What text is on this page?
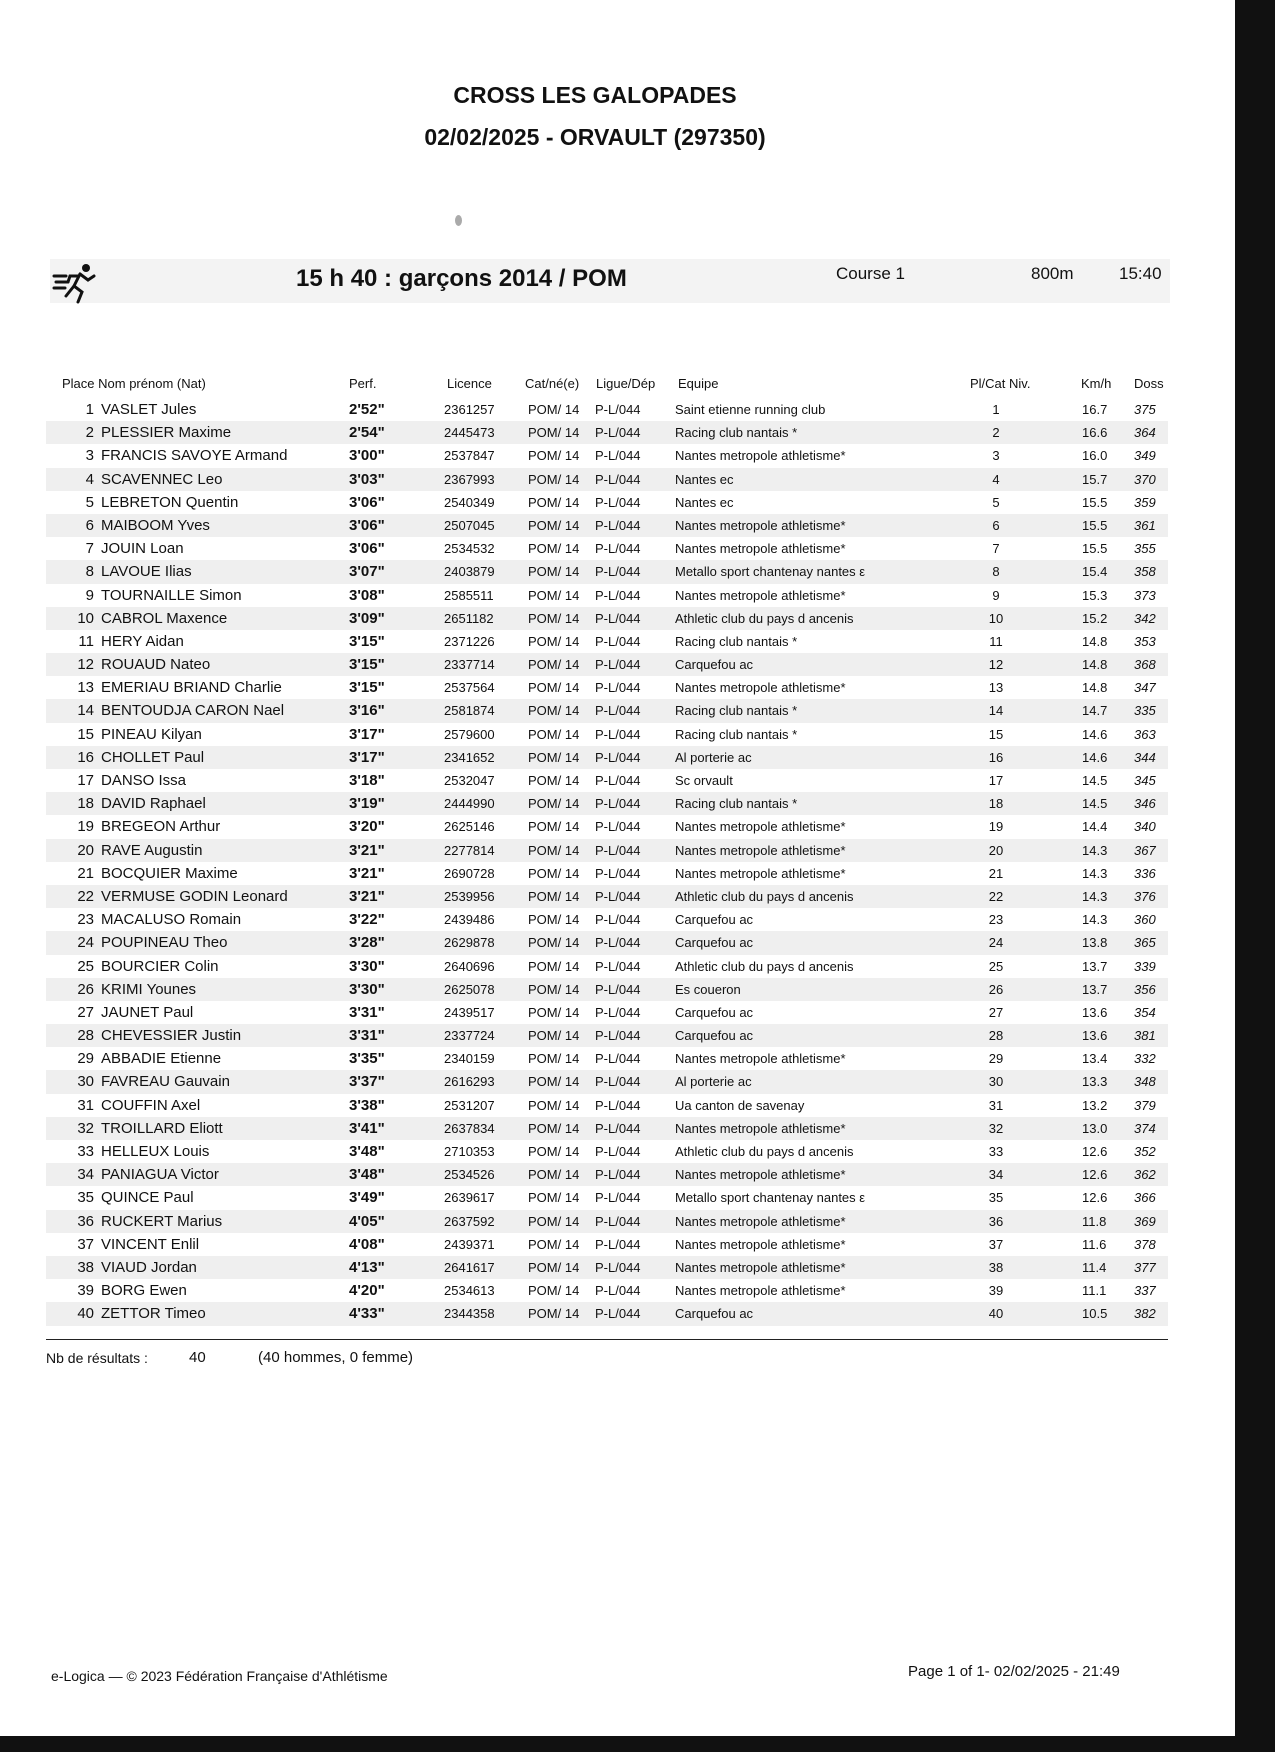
CROSS LES GALOPADES
02/02/2025 - ORVAULT (297350)
15 h 40 : garçons 2014 / POM	Course 1	800m	15:40
Place Nom prénom (Nat)	Perf.	Licence	Cat/né(e) Ligue/Dép Equipe	Pl/Cat Niv.	Km/h Doss
1 VASLET Jules	2'52"	2361257	POM/ 14 P-L/044	Saint etienne running club	1	16.7 375
2 PLESSIER Maxime	2'54"	2445473	POM/ 14 P-L/044	Racing club nantais *	2	16.6 364
3 FRANCIS SAVOYE Armand	3'00"	2537847	POM/ 14 P-L/044	Nantes metropole athletisme*	3	16.0 349
4 SCAVENNEC Leo	3'03"	2367993	POM/ 14 P-L/044	Nantes ec	4	15.7 370
5 LEBRETON Quentin	3'06"	2540349	POM/ 14 P-L/044	Nantes ec	5	15.5 359
6 MAIBOOM Yves	3'06"	2507045	POM/ 14 P-L/044	Nantes metropole athletisme*	6	15.5 361
7 JOUIN Loan	3'06"	2534532	POM/ 14 P-L/044	Nantes metropole athletisme*	7	15.5 355
8 LAVOUE Ilias	3'07"	2403879	POM/ 14 P-L/044	Metallo sport chantenay nantes ε	8	15.4 358
9 TOURNAILLE Simon	3'08"	2585511	POM/ 14 P-L/044	Nantes metropole athletisme*	9	15.3 373
10 CABROL Maxence	3'09"	2651182	POM/ 14 P-L/044	Athletic club du pays d ancenis	10	15.2 342
11 HERY Aidan	3'15"	2371226	POM/ 14 P-L/044	Racing club nantais *	11	14.8 353
12 ROUAUD Nateo	3'15"	2337714	POM/ 14 P-L/044	Carquefou ac	12	14.8 368
13 EMERIAU BRIAND Charlie	3'15"	2537564	POM/ 14 P-L/044	Nantes metropole athletisme*	13	14.8 347
14 BENTOUDJA CARON Nael	3'16"	2581874	POM/ 14 P-L/044	Racing club nantais *	14	14.7 335
15 PINEAU Kilyan	3'17"	2579600	POM/ 14 P-L/044	Racing club nantais *	15	14.6 363
16 CHOLLET Paul	3'17"	2341652	POM/ 14 P-L/044	Al porterie ac	16	14.6 344
17 DANSO Issa	3'18"	2532047	POM/ 14 P-L/044	Sc orvault	17	14.5 345
18 DAVID Raphael	3'19"	2444990	POM/ 14 P-L/044	Racing club nantais *	18	14.5 346
19 BREGEON Arthur	3'20"	2625146	POM/ 14 P-L/044	Nantes metropole athletisme*	19	14.4 340
20 RAVE Augustin	3'21"	2277814	POM/ 14 P-L/044	Nantes metropole athletisme*	20	14.3 367
21 BOCQUIER Maxime	3'21"	2690728	POM/ 14 P-L/044	Nantes metropole athletisme*	21	14.3 336
22 VERMUSE GODIN Leonard	3'21"	2539956	POM/ 14 P-L/044	Athletic club du pays d ancenis	22	14.3 376
23 MACALUSO Romain	3'22"	2439486	POM/ 14 P-L/044	Carquefou ac	23	14.3 360
24 POUPINEAU Theo	3'28"	2629878	POM/ 14 P-L/044	Carquefou ac	24	13.8 365
25 BOURCIER Colin	3'30"	2640696	POM/ 14 P-L/044	Athletic club du pays d ancenis	25	13.7 339
26 KRIMI Younes	3'30"	2625078	POM/ 14 P-L/044	Es coueron	26	13.7 356
27 JAUNET Paul	3'31"	2439517	POM/ 14 P-L/044	Carquefou ac	27	13.6 354
28 CHEVESSIER Justin	3'31"	2337724	POM/ 14 P-L/044	Carquefou ac	28	13.6 381
29 ABBADIE Etienne	3'35"	2340159	POM/ 14 P-L/044	Nantes metropole athletisme*	29	13.4 332
30 FAVREAU Gauvain	3'37"	2616293	POM/ 14 P-L/044	Al porterie ac	30	13.3 348
31 COUFFIN Axel	3'38"	2531207	POM/ 14 P-L/044	Ua canton de savenay	31	13.2 379
32 TROILLARD Eliott	3'41"	2637834	POM/ 14 P-L/044	Nantes metropole athletisme*	32	13.0 374
33 HELLEUX Louis	3'48"	2710353	POM/ 14 P-L/044	Athletic club du pays d ancenis	33	12.6 352
34 PANIAGUA Victor	3'48"	2534526	POM/ 14 P-L/044	Nantes metropole athletisme*	34	12.6 362
35 QUINCE Paul	3'49"	2639617	POM/ 14 P-L/044	Metallo sport chantenay nantes ε	35	12.6 366
36 RUCKERT Marius	4'05"	2637592	POM/ 14 P-L/044	Nantes metropole athletisme*	36	11.8 369
37 VINCENT Enlil	4'08"	2439371	POM/ 14 P-L/044	Nantes metropole athletisme*	37	11.6 378
38 VIAUD Jordan	4'13"	2641617	POM/ 14 P-L/044	Nantes metropole athletisme*	38	11.4 377
39 BORG Ewen	4'20"	2534613	POM/ 14 P-L/044	Nantes metropole athletisme*	39	11.1 337
40 ZETTOR Timeo	4'33"	2344358	POM/ 14 P-L/044	Carquefou ac	40	10.5 382
Nb de résultats :	40	(40 hommes, 0 femme)
e-Logica — © 2023 Fédération Française d'Athlétisme	Page 1 of 1- 02/02/2025 - 21:49
